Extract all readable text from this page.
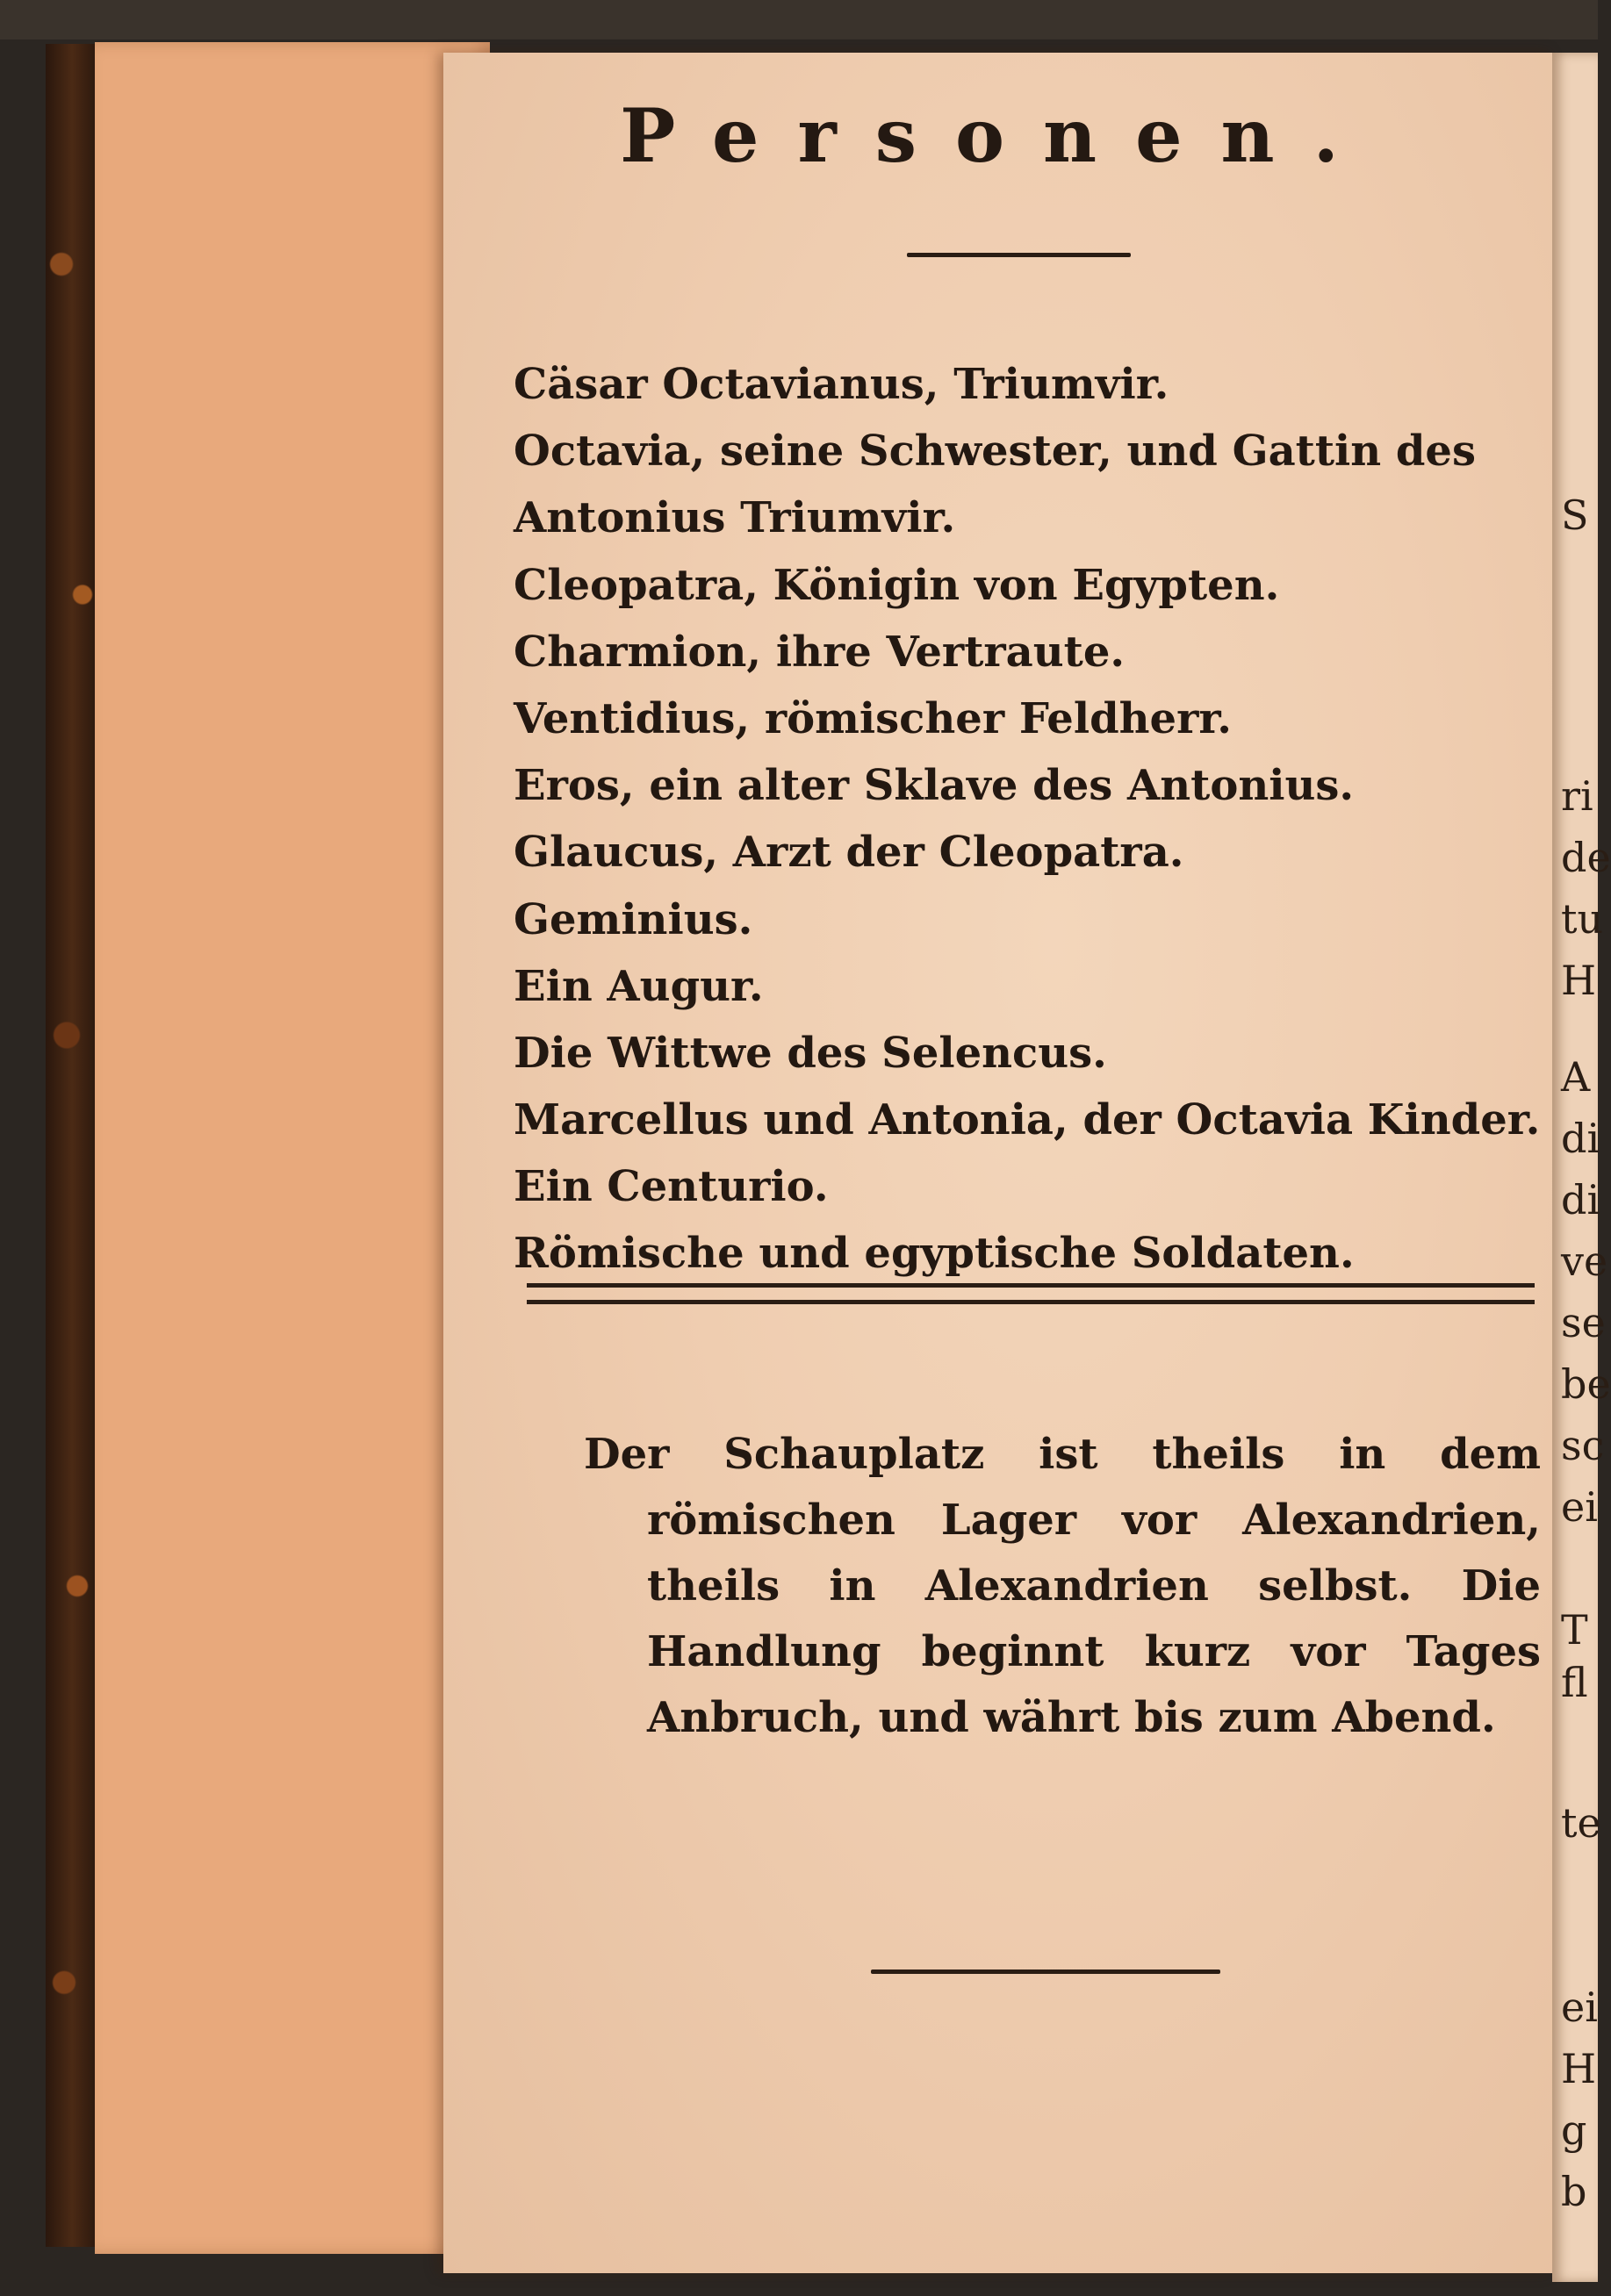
S
ri
de
tu
H
A
di
di
ve
se
be
sc
ei
T
fl
te
ei
H
g
b
Personen.
Cäsar Octavianus, Triumvir.
Octavia, seine Schwester, und Gattin des
Antonius Triumvir.
Cleopatra, Königin von Egypten.
Charmion, ihre Vertraute.
Ventidius, römischer Feldherr.
Eros, ein alter Sklave des Antonius.
Glaucus, Arzt der Cleopatra.
Geminius.
Ein Augur.
Die Wittwe des Selencus.
Marcellus und Antonia, der Octavia Kinder.
Ein Centurio.
Römische und egyptische Soldaten.

Der Schauplatz ist theils in dem römischen Lager vor Alexandrien, theils in Alexandrien selbst. Die Handlung beginnt kurz vor Tages Anbruch, und währt bis zum Abend.
